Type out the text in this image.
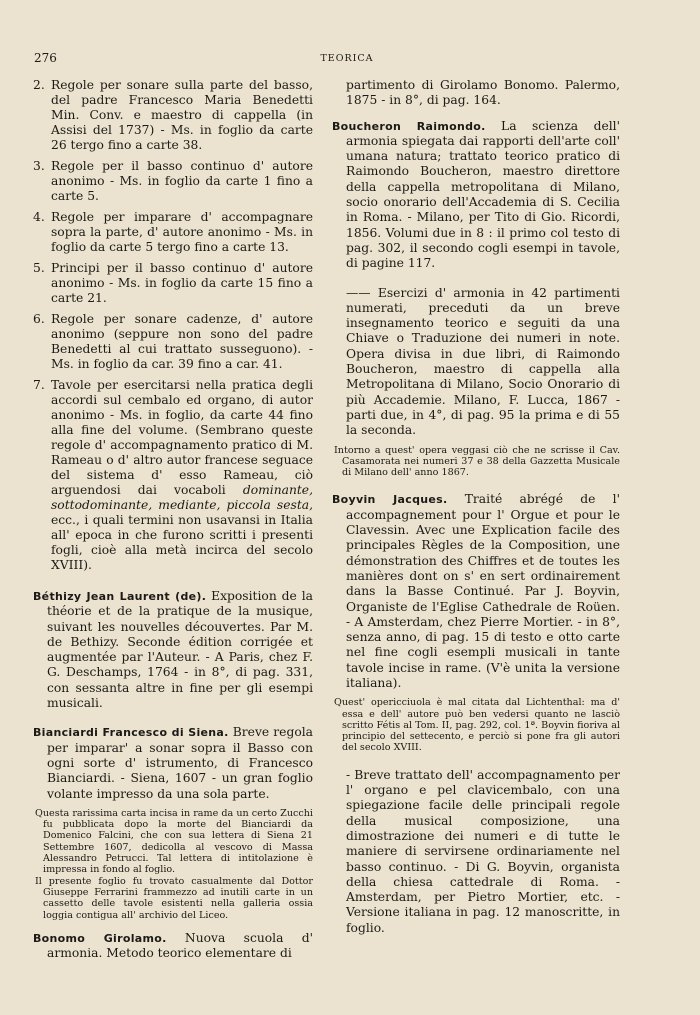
276	TEORICA
2. Regole per sonare sulla parte del basso, del padre Francesco Maria Benedetti Min. Conv. e maestro di cappella (in Assisi del 1737) - Ms. in foglio da carte 26 tergo fino a carte 38.

3. Regole per il basso continuo d' autore anonimo - Ms. in foglio da carte 1 fino a carte 5.

4. Regole per imparare d' accompagnare sopra la parte, d' autore anonimo - Ms. in foglio da carte 5 tergo fino a carte 13.

5. Principi per il basso continuo d' autore anonimo - Ms. in foglio da carte 15 fino a carte 21.

6. Regole per sonare cadenze, d' autore anonimo (seppure non sono del padre Benedetti al cui trattato susseguono). - Ms. in foglio da car. 39 fino a car. 41.

7. Tavole per esercitarsi nella pratica degli accordi sul cembalo ed organo, di autor anonimo - Ms. in foglio, da carte 44 fino alla fine del volume. (Sembrano queste regole d' accompagnamento pratico di M. Rameau o d' altro autor francese seguace del sistema d' esso Rameau, ciò arguendosi dai vocaboli dominante, sottodominante, mediante, piccola sesta, ecc., i quali termini non usavansi in Italia all' epoca in che furono scritti i presenti fogli, cioè alla metà incirca del secolo XVIII).

Béthizy Jean Laurent (de). Exposition de la théorie et de la pratique de la musique, suivant les nouvelles découvertes. Par M. de Bethizy. Seconde édition corrigée et augmentée par l'Auteur. - A Paris, chez F. G. Deschamps, 1764 - in 8°, di pag. 331, con sessanta altre in fine per gli esempi musicali.

Bianciardi Francesco di Siena. Breve regola per imparar' a sonar sopra il Basso con ogni sorte d' istrumento, di Francesco Bianciardi. - Siena, 1607 - un gran foglio volante impresso da una sola parte.

Questa rarissima carta incisa in rame da un certo Zucchi fu pubblicata dopo la morte del Bianciardi da Domenico Falcini, che con sua lettera di Siena 21 Settembre 1607, dedicolla al vescovo di Massa Alessandro Petrucci. Tal lettera di intitolazione è impressa in fondo al foglio.

Il presente foglio fu trovato casualmente dal Dottor Giuseppe Ferrarini frammezzo ad inutili carte in un cassetto delle tavole esistenti nella galleria ossia loggia contigua all' archivio del Liceo.

Bonomo Girolamo. Nuova scuola d' armonia. Metodo teorico elementare di

partimento di Girolamo Bonomo. Palermo, 1875 - in 8°, di pag. 164.

Boucheron Raimondo. La scienza dell' armonia spiegata dai rapporti dell'arte coll' umana natura; trattato teorico pratico di Raimondo Boucheron, maestro direttore della cappella metropolitana di Milano, socio onorario dell'Accademia di S. Cecilia in Roma. - Milano, per Tito di Gio. Ricordi, 1856. Volumi due in 8 : il primo col testo di pag. 302, il secondo cogli esempi in tavole, di pagine 117.

—— Esercizi d' armonia in 42 partimenti numerati, preceduti da un breve insegnamento teorico e seguiti da una Chiave o Traduzione dei numeri in note. Opera divisa in due libri, di Raimondo Boucheron, maestro di cappella alla Metropolitana di Milano, Socio Onorario di più Accademie. Milano, F. Lucca, 1867 - parti due, in 4°, di pag. 95 la prima e di 55 la seconda.

Intorno a quest' opera veggasi ciò che ne scrisse il Cav. Casamorata nei numeri 37 e 38 della Gazzetta Musicale di Milano dell' anno 1867.

Boyvin Jacques. Traité abrégé de l' accompagnement pour l' Orgue et pour le Clavessin. Avec une Explication facile des principales Règles de la Composition, une démonstration des Chiffres et de toutes les manières dont on s' en sert ordinairement dans la Basse Continué. Par J. Boyvin, Organiste de l'Eglise Cathedrale de Roüen. - A Amsterdam, chez Pierre Mortier. - in 8°, senza anno, di pag. 15 di testo e otto carte nel fine cogli esempli musicali in tante tavole incise in rame. (V'è unita la versione italiana).

Quest' opericciuola è mal citata dal Lichtenthal: ma d' essa e dell' autore può ben vedersi quanto ne lasciò scritto Fétis al Tom. II, pag. 292, col. 1ª. Boyvin fioriva al principio del settecento, e perciò si pone fra gli autori del secolo XVIII.

- Breve trattato dell' accompagnamento per l' organo e pel clavicembalo, con una spiegazione facile delle principali regole della musical composizione, una dimostrazione dei numeri e di tutte le maniere di servirsene ordinariamente nel basso continuo. - Di G. Boyvin, organista della chiesa cattedrale di Roma. - Amsterdam, per Pietro Mortier, etc. - Versione italiana in pag. 12 manoscritte, in foglio.
